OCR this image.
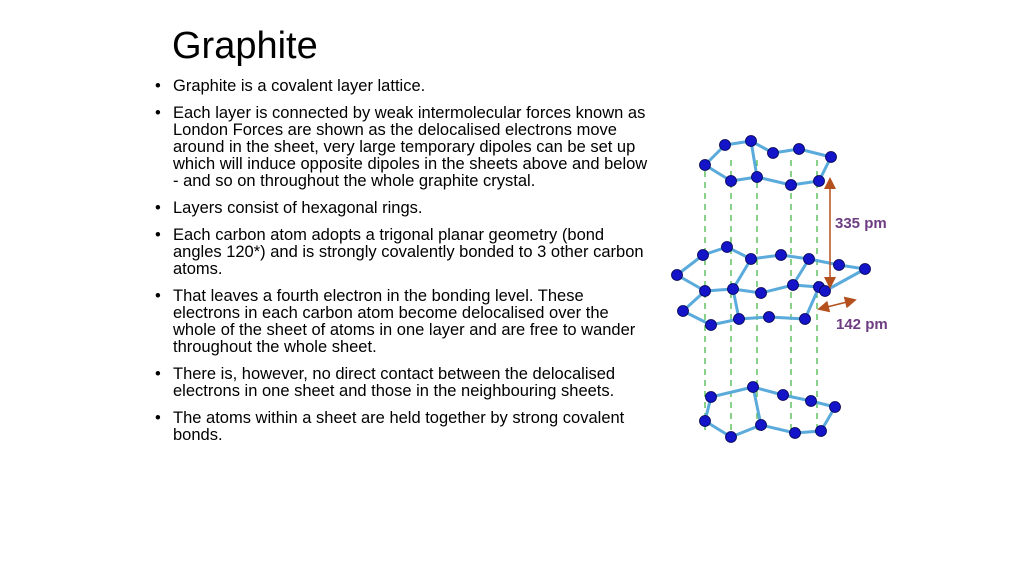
Graphite
• Graphite is a covalent layer lattice.
• Each layer is connected by weak intermolecular forces known as London Forces are shown as the delocalised electrons move around in the sheet, very large temporary dipoles can be set up which will induce opposite dipoles in the sheets above and below - and so on throughout the whole graphite crystal.
• Layers consist of hexagonal rings.
• Each carbon atom adopts a trigonal planar geometry (bond angles 120*) and is strongly covalently bonded to 3 other carbon atoms.
• That leaves a fourth electron in the bonding level. These electrons in each carbon atom become delocalised over the whole of the sheet of atoms in one layer and are free to wander throughout the whole sheet.
• There is, however, no direct contact between the delocalised electrons in one sheet and those in the neighbouring sheets.
• The atoms within a sheet are held together by strong covalent bonds.
335 pm
142 pm
